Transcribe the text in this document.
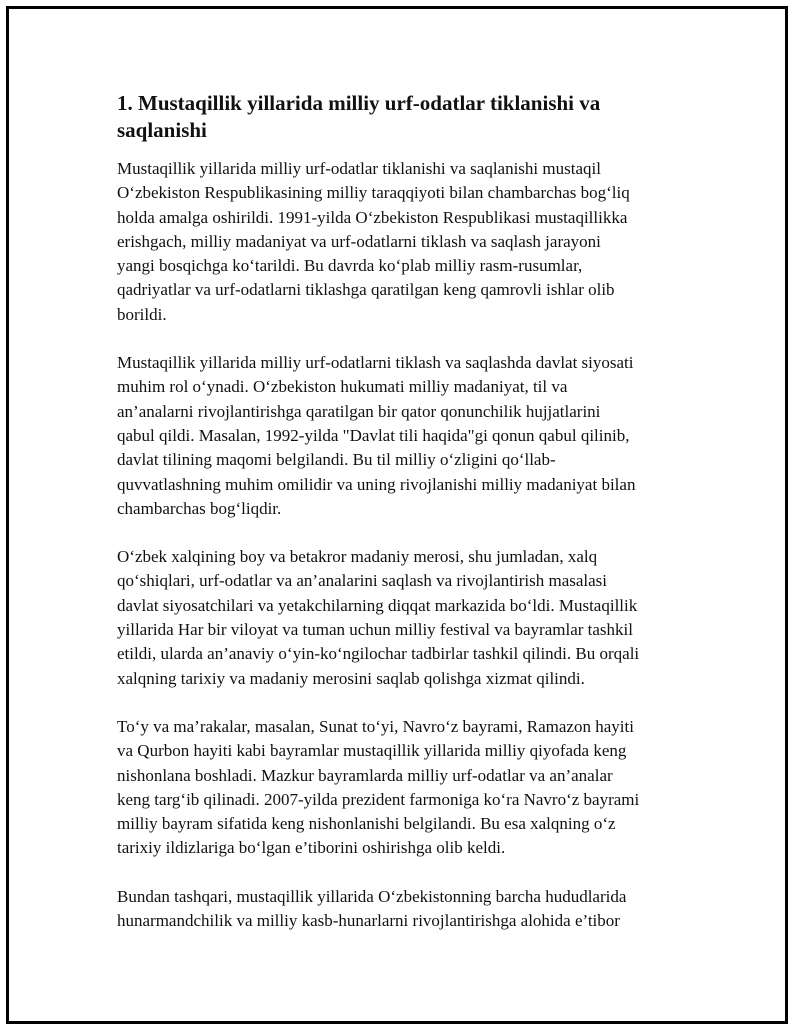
1. Mustaqillik yillarida milliy urf-odatlar tiklanishi va
saqlanishi

Mustaqillik yillarida milliy urf-odatlar tiklanishi va saqlanishi mustaqil
O‘zbekiston Respublikasining milliy taraqqiyoti bilan chambarchas bog‘liq
holda amalga oshirildi. 1991-yilda O‘zbekiston Respublikasi mustaqillikka
erishgach, milliy madaniyat va urf-odatlarni tiklash va saqlash jarayoni
yangi bosqichga ko‘tarildi. Bu davrda ko‘plab milliy rasm-rusumlar,
qadriyatlar va urf-odatlarni tiklashga qaratilgan keng qamrovli ishlar olib
borildi.

Mustaqillik yillarida milliy urf-odatlarni tiklash va saqlashda davlat siyosati
muhim rol o‘ynadi. O‘zbekiston hukumati milliy madaniyat, til va
an’analarni rivojlantirishga qaratilgan bir qator qonunchilik hujjatlarini
qabul qildi. Masalan, 1992-yilda "Davlat tili haqida"gi qonun qabul qilinib,
davlat tilining maqomi belgilandi. Bu til milliy o‘zligini qo‘llab-
quvvatlashning muhim omilidir va uning rivojlanishi milliy madaniyat bilan
chambarchas bog‘liqdir.

O‘zbek xalqining boy va betakror madaniy merosi, shu jumladan, xalq
qo‘shiqlari, urf-odatlar va an’analarini saqlash va rivojlantirish masalasi
davlat siyosatchilari va yetakchilarning diqqat markazida bo‘ldi. Mustaqillik
yillarida Har bir viloyat va tuman uchun milliy festival va bayramlar tashkil
etildi, ularda an’anaviy o‘yin-ko‘ngilochar tadbirlar tashkil qilindi. Bu orqali
xalqning tarixiy va madaniy merosini saqlab qolishga xizmat qilindi.

To‘y va ma’rakalar, masalan, Sunat to‘yi, Navro‘z bayrami, Ramazon hayiti
va Qurbon hayiti kabi bayramlar mustaqillik yillarida milliy qiyofada keng
nishonlana boshladi. Mazkur bayramlarda milliy urf-odatlar va an’analar
keng targ‘ib qilinadi. 2007-yilda prezident farmoniga ko‘ra Navro‘z bayrami
milliy bayram sifatida keng nishonlanishi belgilandi. Bu esa xalqning o‘z
tarixiy ildizlariga bo‘lgan e’tiborini oshirishga olib keldi.

Bundan tashqari, mustaqillik yillarida O‘zbekistonning barcha hududlarida
hunarmandchilik va milliy kasb-hunarlarni rivojlantirishga alohida e’tibor
